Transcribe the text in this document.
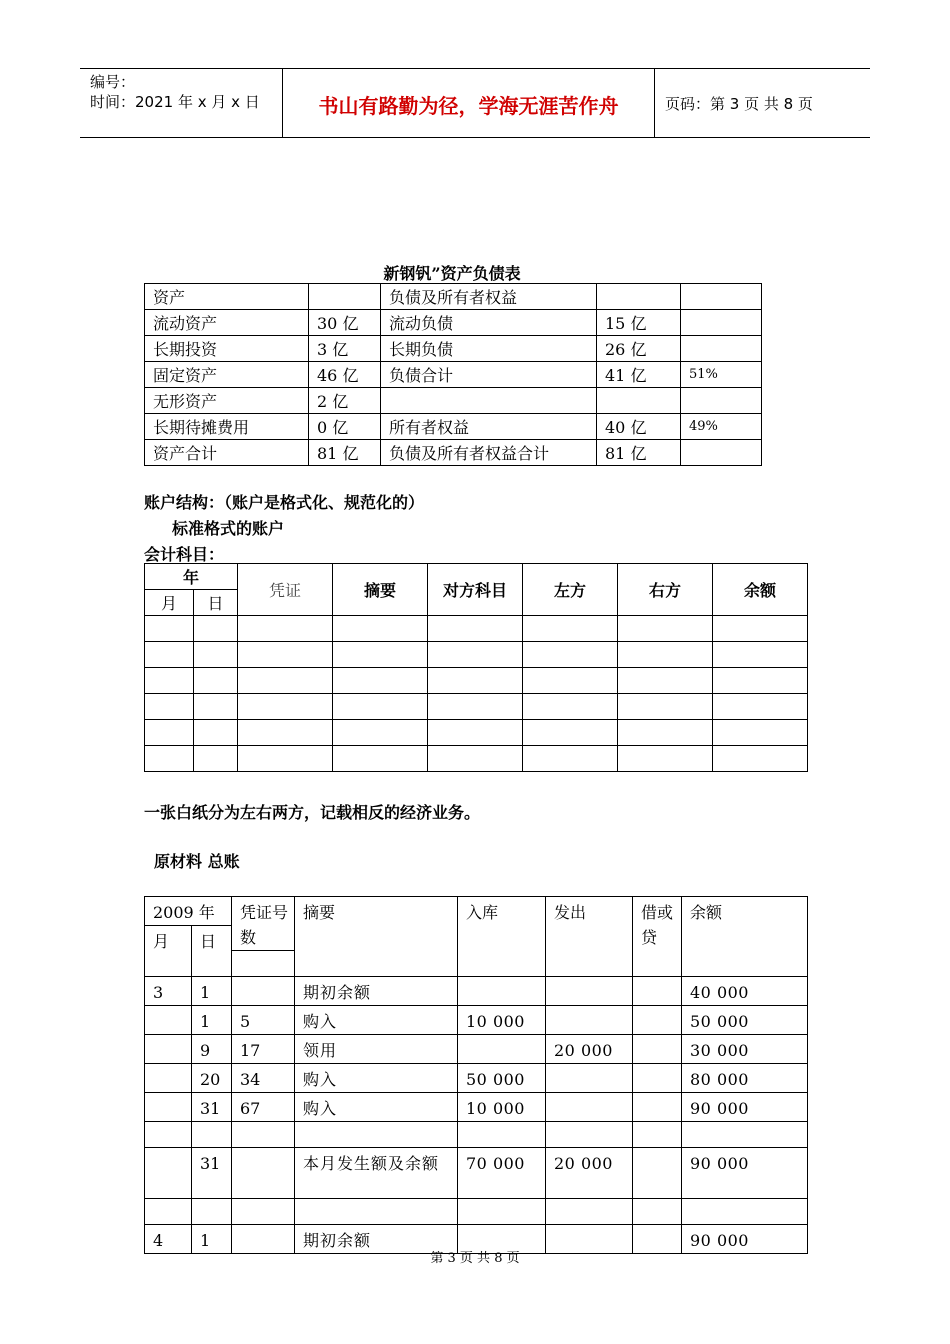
编号：
时间：2021 年 x 月 x 日	书山有路勤为径，学海无涯苦作舟	页码：第 3 页 共 8 页
新钢钒”资产负债表
资产		负债及所有者权益		
流动资产	30 亿	流动负债	15 亿	
长期投资	3 亿	长期负债	26 亿	
固定资产	46 亿	负债合计	41 亿	51%
无形资产	2 亿			
长期待摊费用	0 亿	所有者权益	40 亿	49%
资产合计	81 亿	负债及所有者权益合计	81 亿	
账户结构：（账户是格式化、规范化的）
标准格式的账户
会计科目：
年		凭证	摘要	对方科目	左方	右方	余额
月	日						

一张白纸分为左右两方，记载相反的经济业务。
原材料 总账
2009 年		凭证号数	摘要	入库	发出	借或贷	余额
月	日						

3	1		期初余额				40 000
	1	5	购入	10 000			50 000
	9	17	领用		20 000		30 000
	20	34	购入	50 000			80 000
	31	67	购入	10 000			90 000

	31		本月发生额及余额	70 000	20 000		90 000

4	1		期初余额				90 000
第 3 页 共 8 页
